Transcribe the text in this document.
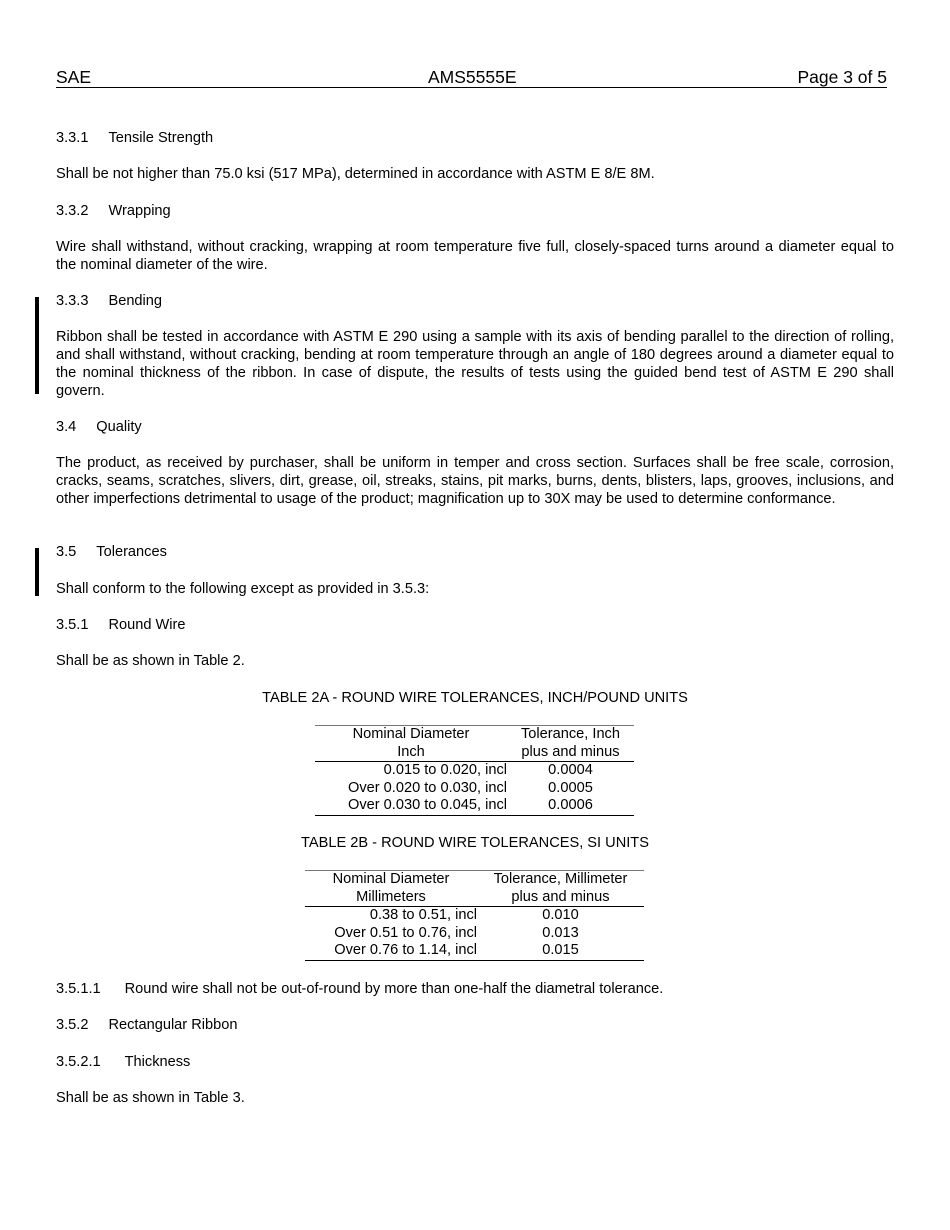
SAE	AMS5555E	Page 3 of 5
3.3.1 Tensile Strength
Shall be not higher than 75.0 ksi (517 MPa), determined in accordance with ASTM E 8/E 8M.
3.3.2 Wrapping
Wire shall withstand, without cracking, wrapping at room temperature five full, closely-spaced turns around a diameter equal to the nominal diameter of the wire.
3.3.3 Bending
Ribbon shall be tested in accordance with ASTM E 290 using a sample with its axis of bending parallel to the direction of rolling, and shall withstand, without cracking, bending at room temperature through an angle of 180 degrees around a diameter equal to the nominal thickness of the ribbon. In case of dispute, the results of tests using the guided bend test of ASTM E 290 shall govern.
3.4 Quality
The product, as received by purchaser, shall be uniform in temper and cross section. Surfaces shall be free scale, corrosion, cracks, seams, scratches, slivers, dirt, grease, oil, streaks, stains, pit marks, burns, dents, blisters, laps, grooves, inclusions, and other imperfections detrimental to usage of the product; magnification up to 30X may be used to determine conformance.
3.5 Tolerances
Shall conform to the following except as provided in 3.5.3:
3.5.1 Round Wire
Shall be as shown in Table 2.
TABLE 2A - ROUND WIRE TOLERANCES, INCH/POUND UNITS
Nominal Diameter	Tolerance, Inch
Inch	plus and minus
0.015 to 0.020, incl	0.0004
Over 0.020 to 0.030, incl	0.0005
Over 0.030 to 0.045, incl	0.0006
TABLE 2B - ROUND WIRE TOLERANCES, SI UNITS
Nominal Diameter	Tolerance, Millimeter
Millimeters	plus and minus
0.38 to 0.51, incl	0.010
Over 0.51 to 0.76, incl	0.013
Over 0.76 to 1.14, incl	0.015
3.5.1.1 Round wire shall not be out-of-round by more than one-half the diametral tolerance.
3.5.2 Rectangular Ribbon
3.5.2.1 Thickness
Shall be as shown in Table 3.
